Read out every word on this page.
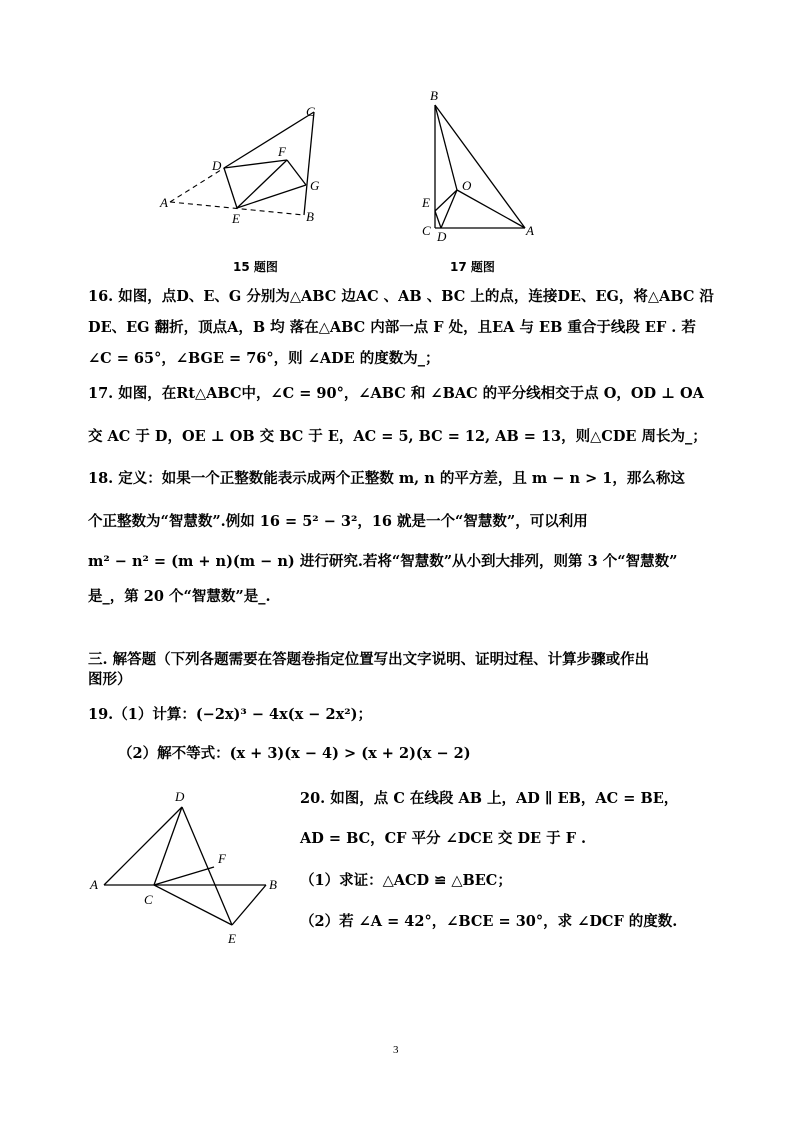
A
B
C
D
E
F
G
B
O
E
C D	A
15 题图	17 题图
16. 如图，点D、E、G 分别为△ABC 边AC 、AB 、BC 上的点，连接DE、EG，将△ABC 沿
DE、EG 翻折，顶点A，B 均 落在△ABC 内部一点 F 处，且EA 与 EB 重合于线段 EF . 若
∠C = 65°，∠BGE = 76°，则 ∠ADE 的度数为_；
17. 如图，在Rt△ABC中，∠C = 90°，∠ABC 和 ∠BAC 的平分线相交于点 O，OD ⊥ OA
交 AC 于 D，OE ⊥ OB 交 BC 于 E，AC = 5, BC = 12, AB = 13，则△CDE 周长为_；
18. 定义：如果一个正整数能表示成两个正整数 m, n 的平方差，且 m − n > 1，那么称这
个正整数为“智慧数”.例如 16 = 5² − 3²，16 就是一个“智慧数”，可以利用
m² − n² = (m + n)(m − n) 进行研究.若将“智慧数”从小到大排列，则第 3 个“智慧数”
是_，第 20 个“智慧数”是_.
三. 解答题（下列各题需要在答题卷指定位置写出文字说明、证明过程、计算步骤或作出
图形）
19.（1）计算：(−2x)³ − 4x(x − 2x²)；
（2）解不等式：(x + 3)(x − 4) > (x + 2)(x − 2)
D
A
C
F
B
E
20. 如图，点 C 在线段 AB 上，AD ∥ EB，AC = BE，
AD = BC，CF 平分 ∠DCE 交 DE 于 F .
（1）求证：△ACD ≌ △BEC；
（2）若 ∠A = 42°，∠BCE = 30°，求 ∠DCF 的度数.
3
